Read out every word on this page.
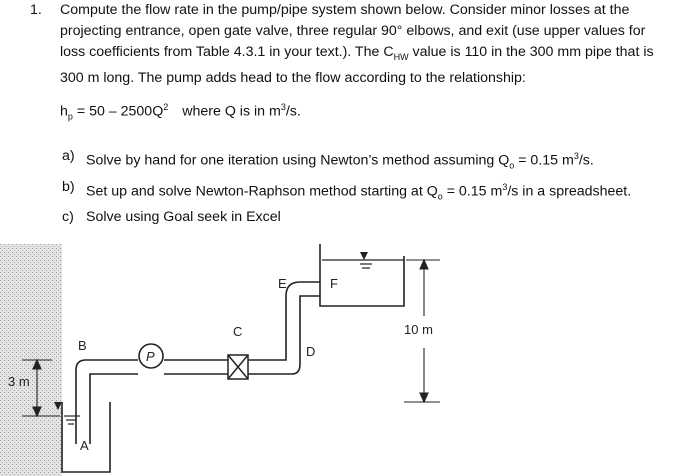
1. Compute the flow rate in the pump/pipe system shown below. Consider minor losses at the
projecting entrance, open gate valve, three regular 90° elbows, and exit (use upper values for
loss coefficients from Table 4.3.1 in your text.). The $C_{HW}$ value is 110 in the 300 mm pipe that is
300 m long. The pump adds head to the flow according to the relationship:
$h_p = 50 - 2500Q^2$ where Q is in $m^3/s$.
a) Solve by hand for one iteration using Newton’s method assuming $Q_o = 0.15$ $m^3/s$.
b) Set up and solve Newton-Raphson method starting at $Q_o = 0.15$ $m^3/s$ in a spreadsheet.
c) Solve using Goal seek in Excel
3 m
P
10 m
A
B
C
D
E	F
